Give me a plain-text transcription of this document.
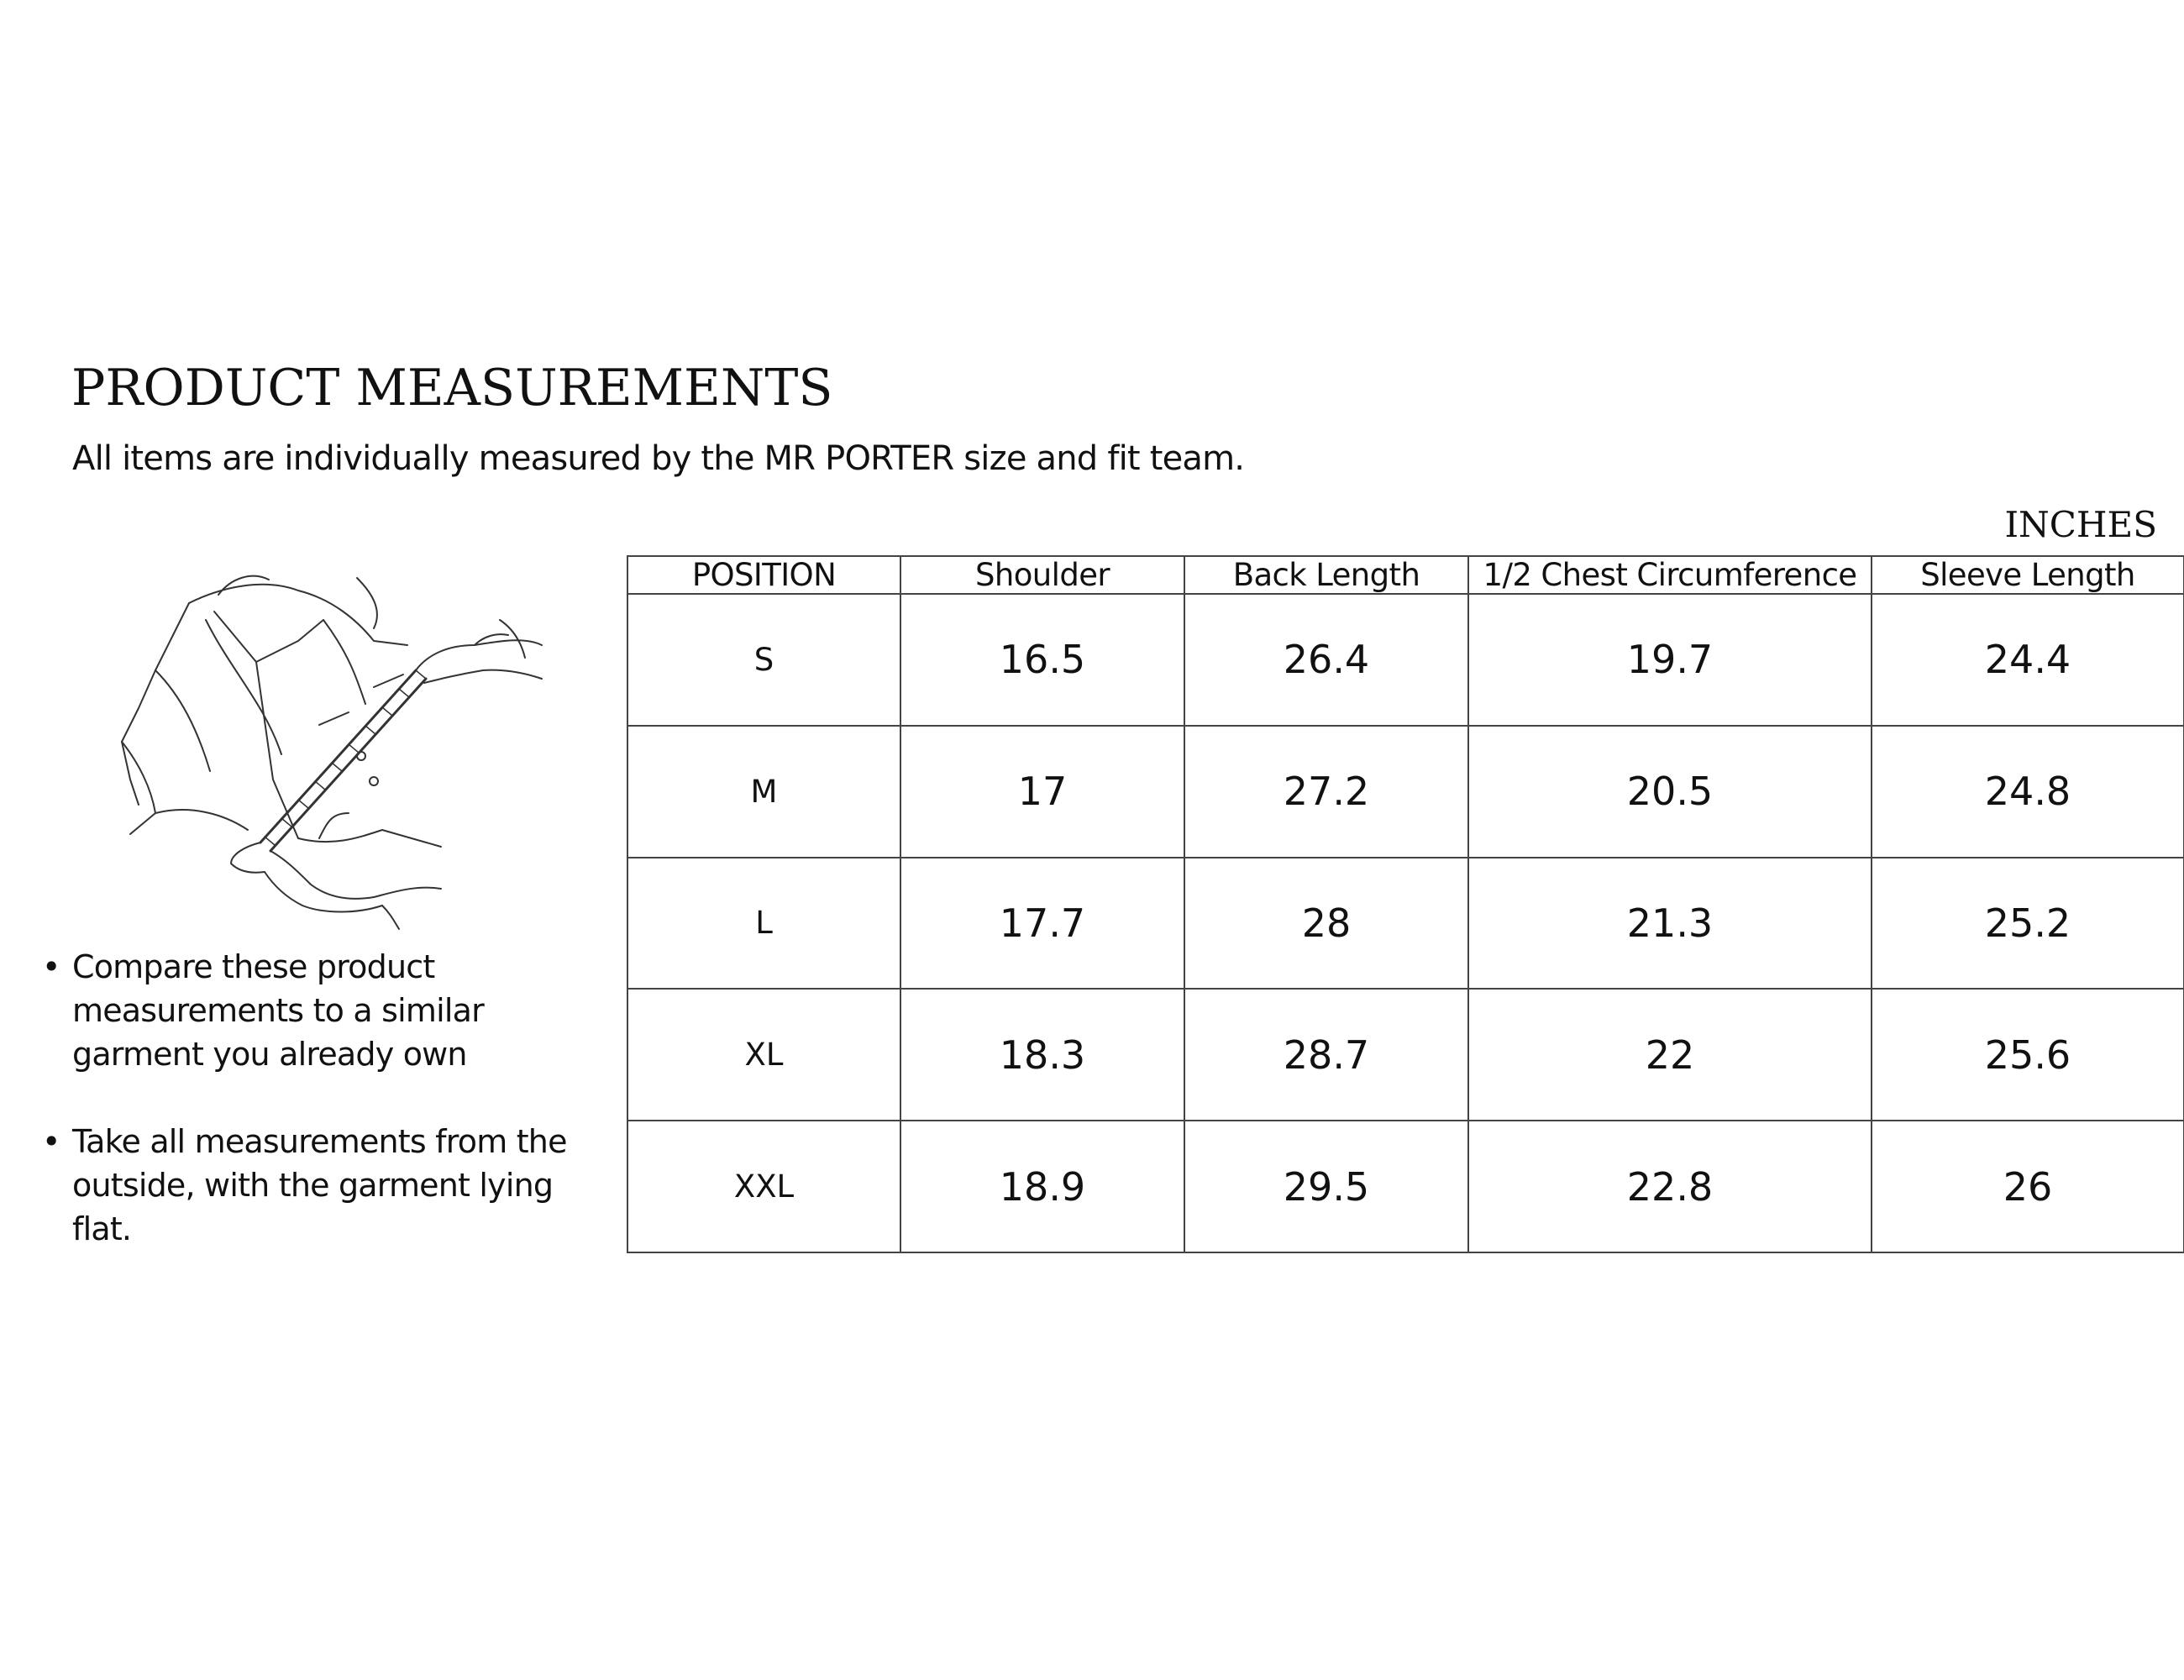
PRODUCT MEASUREMENTS

All items are individually measured by the MR PORTER size and fit team.

INCHES
• Compare these product measurements to a similar garment you already own
• Take all measurements from the outside, with the garment lying flat.
POSITION	Shoulder	Back Length	1/2 Chest Circumference	Sleeve Length
S	16.5	26.4	19.7	24.4
M	17	27.2	20.5	24.8
L	17.7	28	21.3	25.2
XL	18.3	28.7	22	25.6
XXL	18.9	29.5	22.8	26
